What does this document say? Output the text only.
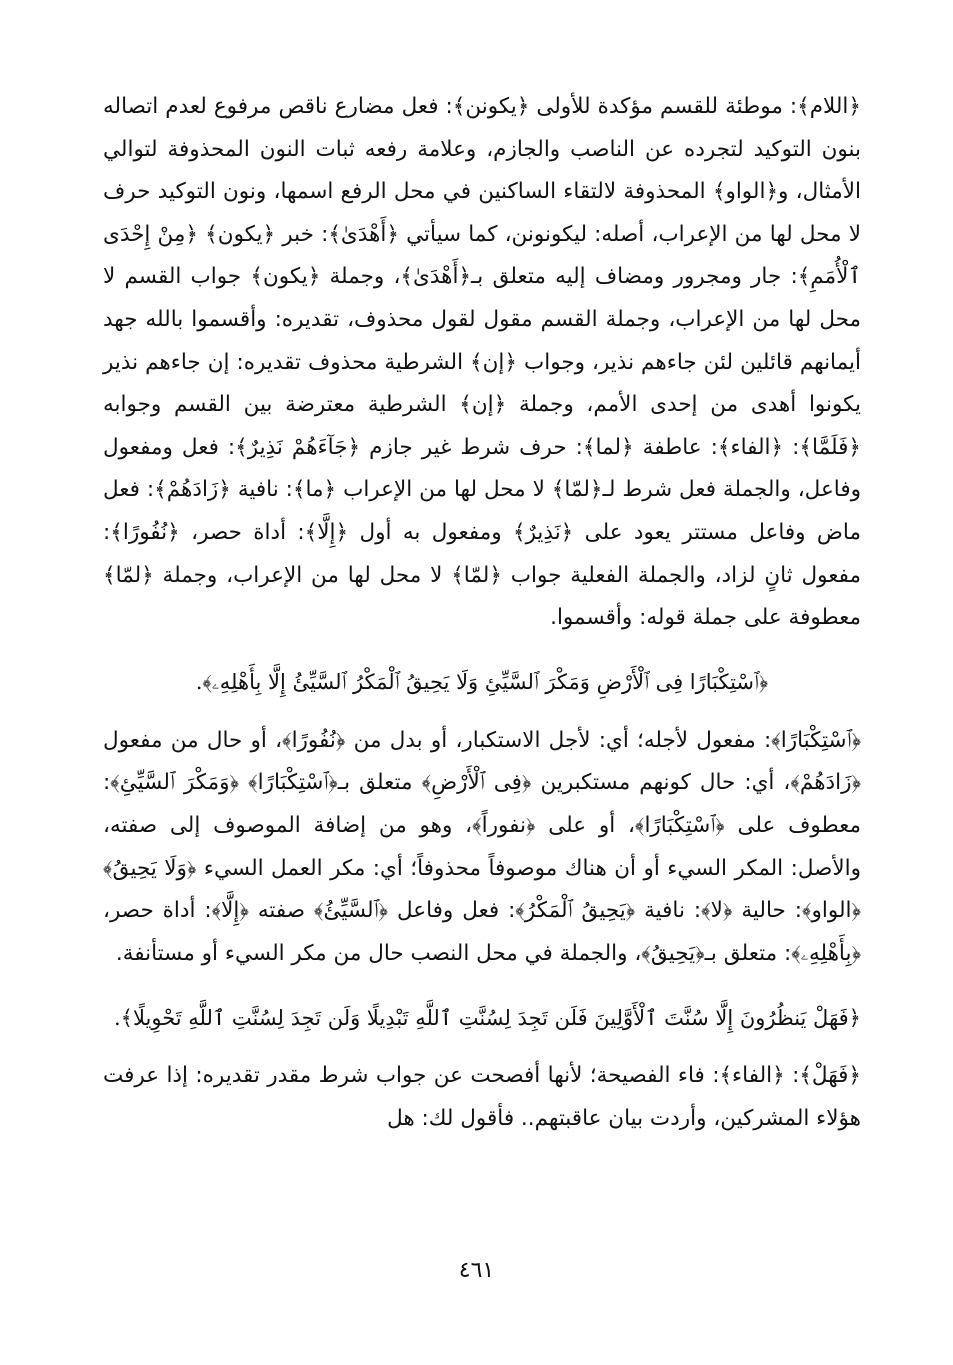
﴿اللام﴾: موطئة للقسم مؤكدة للأولى ﴿يكونن﴾: فعل مضارع ناقص مرفوع لعدم اتصاله بنون التوكيد لتجرده عن الناصب والجازم، وعلامة رفعه ثبات النون المحذوفة لتوالي الأمثال، و﴿الواو﴾ المحذوفة لالتقاء الساكنين في محل الرفع اسمها، ونون التوكيد حرف لا محل لها من الإعراب، أصله: ليكونونن، كما سيأتي ﴿أَهْدَىٰ﴾: خبر ﴿يكون﴾ ﴿مِنْ إِحْدَى ٱلْأُمَمِ﴾: جار ومجرور ومضاف إليه متعلق بـ﴿أَهْدَىٰ﴾، وجملة ﴿يكون﴾ جواب القسم لا محل لها من الإعراب، وجملة القسم مقول لقول محذوف، تقديره: وأقسموا بالله جهد أيمانهم قائلين لئن جاءهم نذير، وجواب ﴿إن﴾ الشرطية محذوف تقديره: إن جاءهم نذير يكونوا أهدى من إحدى الأمم، وجملة ﴿إن﴾ الشرطية معترضة بين القسم وجوابه ﴿فَلَمَّا﴾: ﴿الفاء﴾: عاطفة ﴿لما﴾: حرف شرط غير جازم ﴿جَآءَهُمْ نَذِيرٌ﴾: فعل ومفعول وفاعل، والجملة فعل شرط لـ﴿لمّا﴾ لا محل لها من الإعراب ﴿ما﴾: نافية ﴿زَادَهُمْ﴾: فعل ماض وفاعل مستتر يعود على ﴿نَذِيرٌ﴾ ومفعول به أول ﴿إِلَّا﴾: أداة حصر، ﴿نُفُورًا﴾: مفعول ثانٍ لزاد، والجملة الفعلية جواب ﴿لمّا﴾ لا محل لها من الإعراب، وجملة ﴿لمّا﴾ معطوفة على جملة قوله: وأقسموا.

﴿ٱسْتِكْبَارًا فِى ٱلْأَرْضِ وَمَكْرَ ٱلسَّيِّئِ وَلَا يَحِيقُ ٱلْمَكْرُ ٱلسَّيِّئُ إِلَّا بِأَهْلِهِۦ﴾.

﴿ٱسْتِكْبَارًا﴾: مفعول لأجله؛ أي: لأجل الاستكبار، أو بدل من ﴿نُفُورًا﴾، أو حال من مفعول ﴿زَادَهُمْ﴾، أي: حال كونهم مستكبرين ﴿فِى ٱلْأَرْضِ﴾ متعلق بـ﴿ٱسْتِكْبَارًا﴾ ﴿وَمَكْرَ ٱلسَّيِّئِ﴾: معطوف على ﴿ٱسْتِكْبَارًا﴾، أو على ﴿نفوراً﴾، وهو من إضافة الموصوف إلى صفته، والأصل: المكر السيء أو أن هناك موصوفاً محذوفاً؛ أي: مكر العمل السيء ﴿وَلَا يَحِيقُ﴾ ﴿الواو﴾: حالية ﴿لا﴾: نافية ﴿يَحِيقُ ٱلْمَكْرُ﴾: فعل وفاعل ﴿ٱلسَّيِّئُ﴾ صفته ﴿إِلَّا﴾: أداة حصر، ﴿بِأَهْلِهِۦ﴾: متعلق بـ﴿يَحِيقُ﴾، والجملة في محل النصب حال من مكر السيء أو مستأنفة.

﴿فَهَلْ يَنظُرُونَ إِلَّا سُنَّتَ ٱلْأَوَّلِينَ فَلَن تَجِدَ لِسُنَّتِ ٱللَّهِ تَبْدِيلًا وَلَن تَجِدَ لِسُنَّتِ ٱللَّهِ تَحْوِيلًا﴾.

﴿فَهَلْ﴾: ﴿الفاء﴾: فاء الفصيحة؛ لأنها أفصحت عن جواب شرط مقدر تقديره: إذا عرفت هؤلاء المشركين، وأردت بيان عاقبتهم.. فأقول لك: هل

٤٦١
